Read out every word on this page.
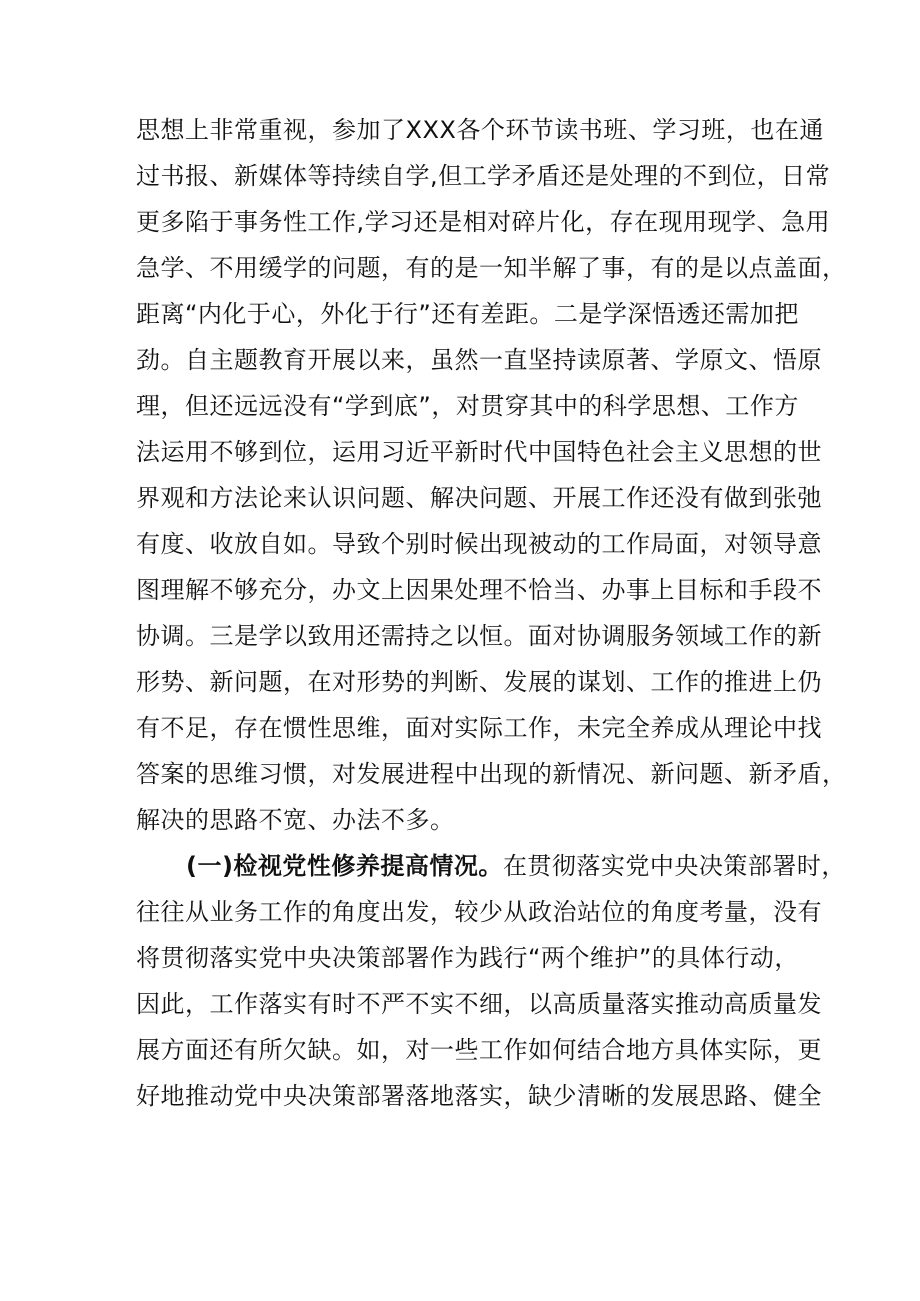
思想上非常重视，参加了XXX各个环节读书班、学习班，也在通
过书报、新媒体等持续自学,但工学矛盾还是处理的不到位，日常
更多陷于事务性工作,学习还是相对碎片化，存在现用现学、急用
急学、不用缓学的问题，有的是一知半解了事，有的是以点盖面，
距离“内化于心，外化于行”还有差距。二是学深悟透还需加把
劲。自主题教育开展以来，虽然一直坚持读原著、学原文、悟原
理，但还远远没有“学到底”，对贯穿其中的科学思想、工作方
法运用不够到位，运用习近平新时代中国特色社会主义思想的世
界观和方法论来认识问题、解决问题、开展工作还没有做到张弛
有度、收放自如。导致个别时候出现被动的工作局面，对领导意
图理解不够充分，办文上因果处理不恰当、办事上目标和手段不
协调。三是学以致用还需持之以恒。面对协调服务领域工作的新
形势、新问题，在对形势的判断、发展的谋划、工作的推进上仍
有不足，存在惯性思维，面对实际工作，未完全养成从理论中找
答案的思维习惯，对发展进程中出现的新情况、新问题、新矛盾，
解决的思路不宽、办法不多。
(一)检视党性修养提高情况。在贯彻落实党中央决策部署时，
往往从业务工作的角度出发，较少从政治站位的角度考量，没有
将贯彻落实党中央决策部署作为践行“两个维护”的具体行动，
因此，工作落实有时不严不实不细，以高质量落实推动高质量发
展方面还有所欠缺。如，对一些工作如何结合地方具体实际，更
好地推动党中央决策部署落地落实，缺少清晰的发展思路、健全
